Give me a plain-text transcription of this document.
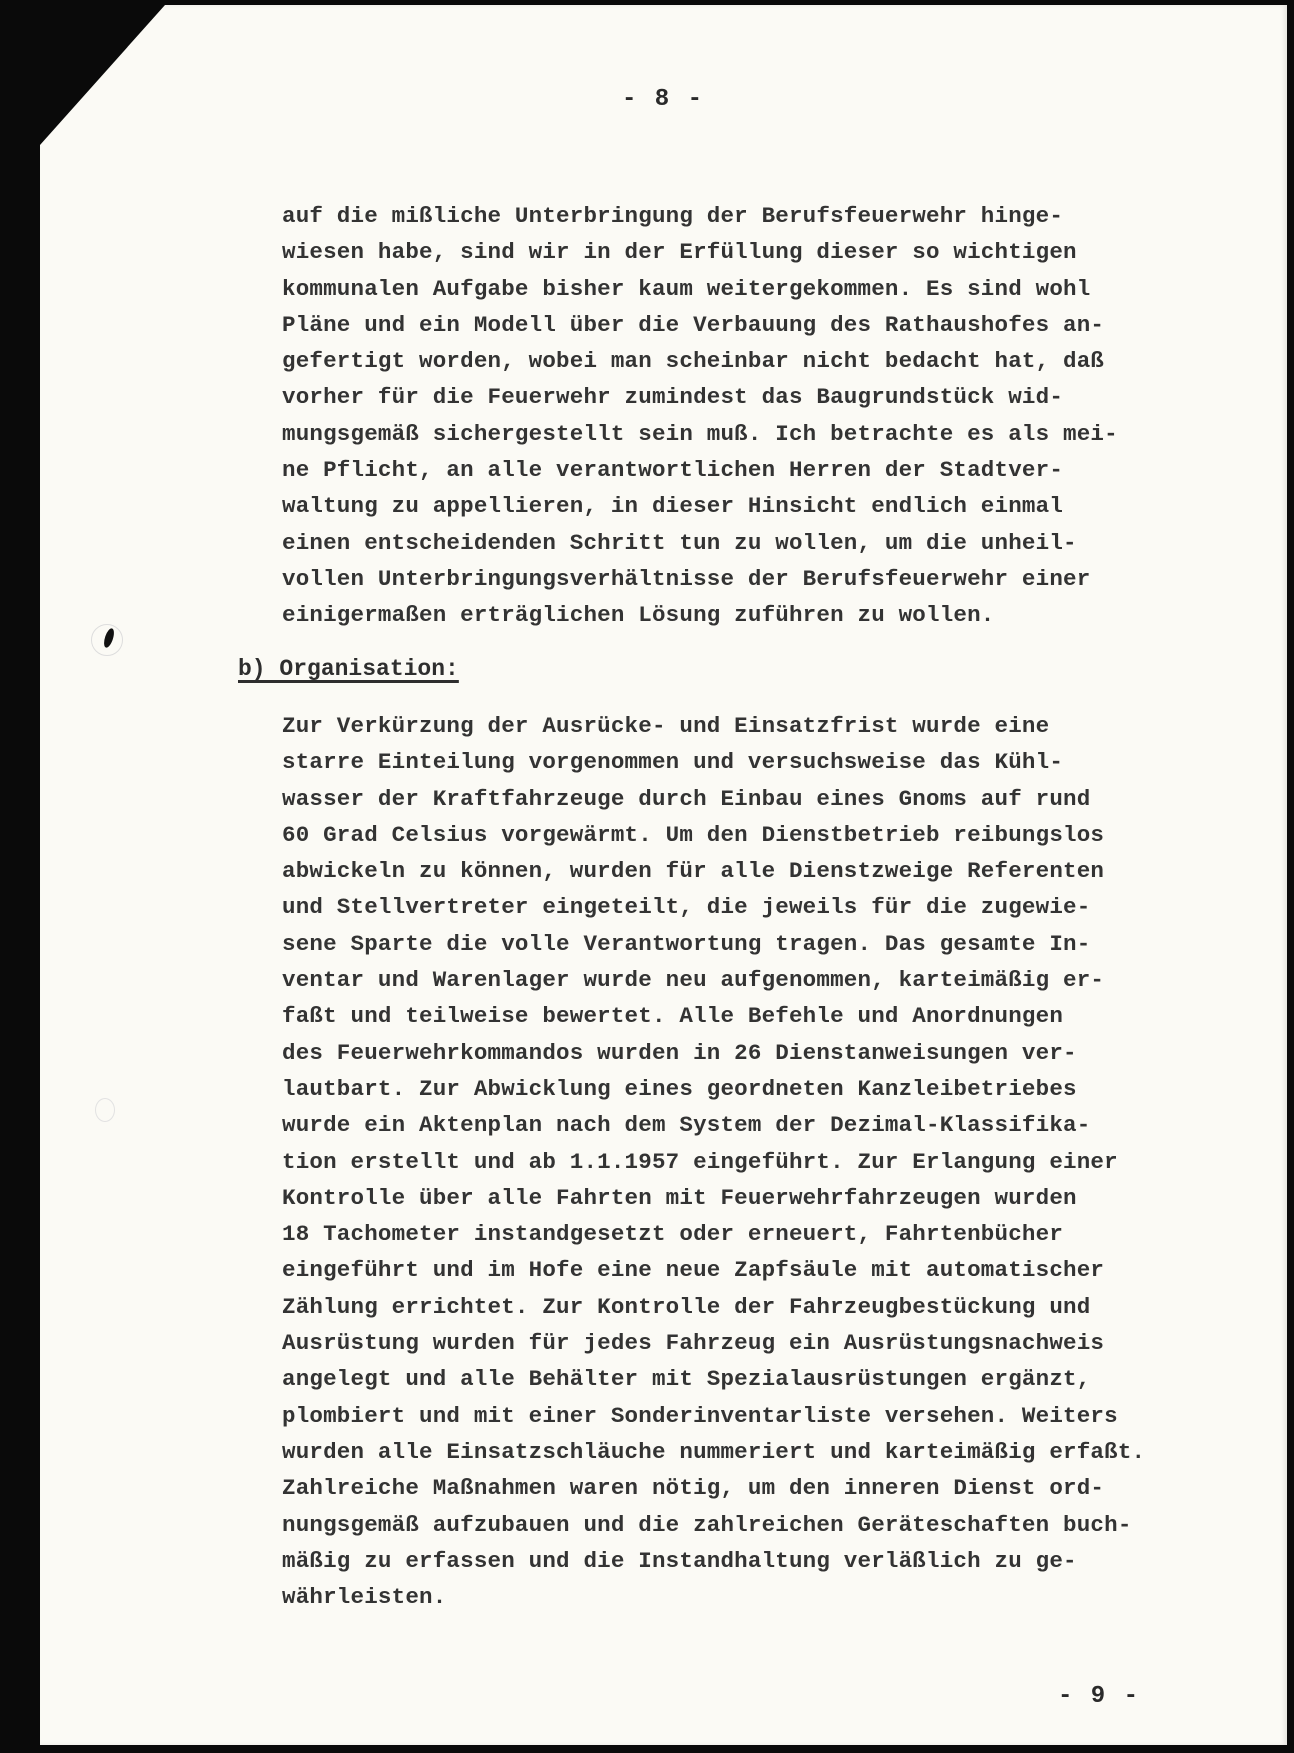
- 8 -
auf die mißliche Unterbringung der Berufsfeuerwehr hinge-
wiesen habe, sind wir in der Erfüllung dieser so wichtigen
kommunalen Aufgabe bisher kaum weitergekommen. Es sind wohl
Pläne und ein Modell über die Verbauung des Rathaushofes an-
gefertigt worden, wobei man scheinbar nicht bedacht hat, daß
vorher für die Feuerwehr zumindest das Baugrundstück wid-
mungsgemäß sichergestellt sein muß. Ich betrachte es als mei-
ne Pflicht, an alle verantwortlichen Herren der Stadtver-
waltung zu appellieren, in dieser Hinsicht endlich einmal
einen entscheidenden Schritt tun zu wollen, um die unheil-
vollen Unterbringungsverhältnisse der Berufsfeuerwehr einer
einigermaßen erträglichen Lösung zuführen zu wollen.
b) Organisation:
Zur Verkürzung der Ausrücke- und Einsatzfrist wurde eine
starre Einteilung vorgenommen und versuchsweise das Kühl-
wasser der Kraftfahrzeuge durch Einbau eines Gnoms auf rund
60 Grad Celsius vorgewärmt. Um den Dienstbetrieb reibungslos
abwickeln zu können, wurden für alle Dienstzweige Referenten
und Stellvertreter eingeteilt, die jeweils für die zugewie-
sene Sparte die volle Verantwortung tragen. Das gesamte In-
ventar und Warenlager wurde neu aufgenommen, karteimäßig er-
faßt und teilweise bewertet. Alle Befehle und Anordnungen
des Feuerwehrkommandos wurden in 26 Dienstanweisungen ver-
lautbart. Zur Abwicklung eines geordneten Kanzleibetriebes
wurde ein Aktenplan nach dem System der Dezimal-Klassifika-
tion erstellt und ab 1.1.1957 eingeführt. Zur Erlangung einer
Kontrolle über alle Fahrten mit Feuerwehrfahrzeugen wurden
18 Tachometer instandgesetzt oder erneuert, Fahrtenbücher
eingeführt und im Hofe eine neue Zapfsäule mit automatischer
Zählung errichtet. Zur Kontrolle der Fahrzeugbestückung und
Ausrüstung wurden für jedes Fahrzeug ein Ausrüstungsnachweis
angelegt und alle Behälter mit Spezialausrüstungen ergänzt,
plombiert und mit einer Sonderinventarliste versehen. Weiters
wurden alle Einsatzschläuche nummeriert und karteimäßig erfaßt.
Zahlreiche Maßnahmen waren nötig, um den inneren Dienst ord-
nungsgemäß aufzubauen und die zahlreichen Geräteschaften buch-
mäßig zu erfassen und die Instandhaltung verläßlich zu ge-
währleisten.
- 9 -
